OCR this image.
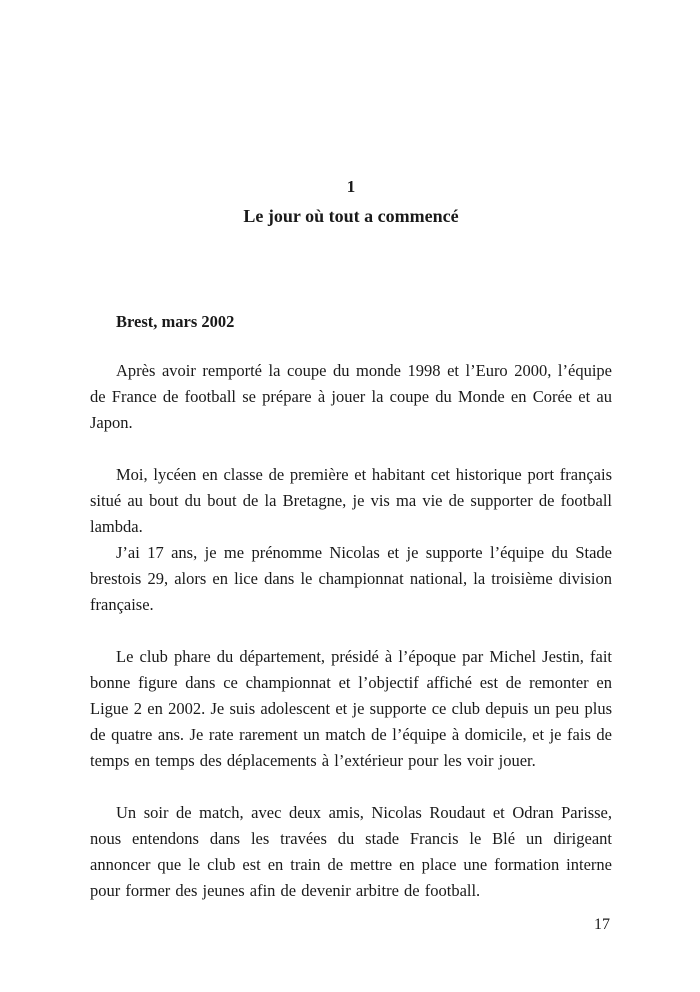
1
Le jour où tout a commencé
Brest, mars 2002

Après avoir remporté la coupe du monde 1998 et l’Euro 2000, l’équipe de France de football se prépare à jouer la coupe du Monde en Corée et au Japon.

Moi, lycéen en classe de première et habitant cet historique port français situé au bout du bout de la Bretagne, je vis ma vie de supporter de football lambda.

J’ai 17 ans, je me prénomme Nicolas et je supporte l’équipe du Stade brestois 29, alors en lice dans le championnat national, la troisième division française.

Le club phare du département, présidé à l’époque par Michel Jestin, fait bonne figure dans ce championnat et l’objectif affiché est de remonter en Ligue 2 en 2002. Je suis adolescent et je supporte ce club depuis un peu plus de quatre ans. Je rate rarement un match de l’équipe à domicile, et je fais de temps en temps des déplacements à l’extérieur pour les voir jouer.

Un soir de match, avec deux amis, Nicolas Roudaut et Odran Parisse, nous entendons dans les travées du stade Francis le Blé un dirigeant annoncer que le club est en train de mettre en place une formation interne pour former des jeunes afin de devenir arbitre de football.

17
